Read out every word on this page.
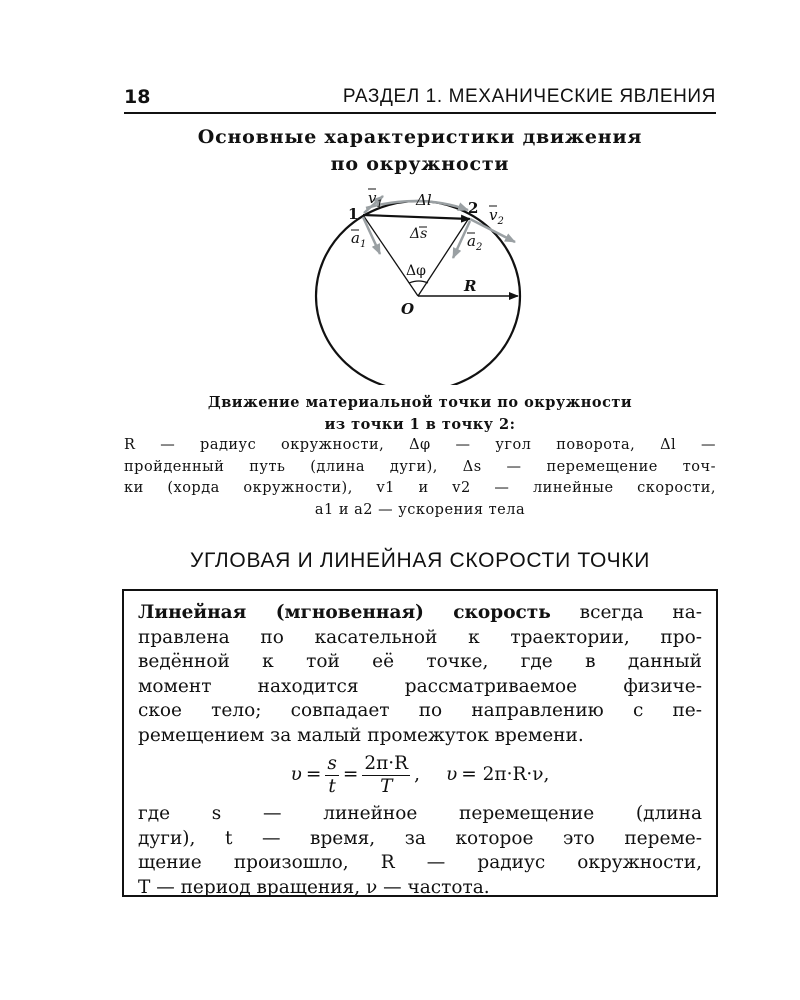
18	РАЗДЕЛ 1. МЕХАНИЧЕСКИЕ ЯВЛЕНИЯ
Основные характеристики движения
по окружности
1	2
O
R
Δφ
Δl
Δs
$v_1$
$v_2$
$a_1$	$a_2$
Движение материальной точки по окружности
из точки 1 в точку 2:
R — радиус окружности, Δφ — угол поворота, Δl —
пройденный путь (длина дуги), Δs — перемещение точ-
ки (хорда окружности), v1 и v2 — линейные скорости,
a1 и a2 — ускорения тела
УГЛОВАЯ И ЛИНЕЙНАЯ СКОРОСТИ ТОЧКИ
Линейная (мгновенная) скорость всегда на-
правлена по касательной к траектории, про-
ведённой к той её точке, где в данный
момент находится рассматриваемое физиче-
ское тело; совпадает по направлению с пе-
ремещением за малый промежуток времени.
$\upsilon = \frac{s}{t} = \frac{2\pi\cdot R}{T}$ , υ = 2π·R·ν,
где s — линейное перемещение (длина
дуги), t — время, за которое это переме-
щение произошло, R — радиус окружности,
T — период вращения, ν — частота.
